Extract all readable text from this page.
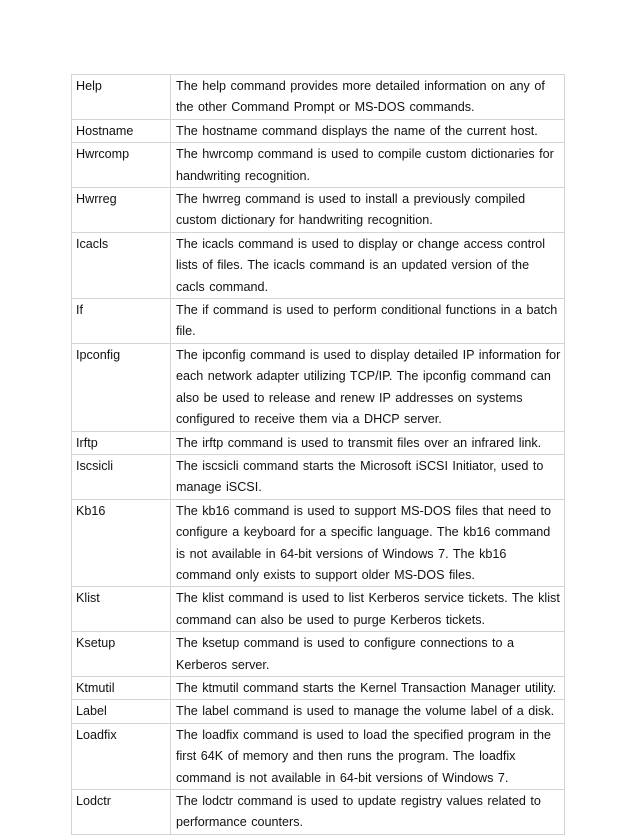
Help	The help command provides more detailed information on any of the other Command Prompt or MS-DOS commands.
Hostname	The hostname command displays the name of the current host.
Hwrcomp	The hwrcomp command is used to compile custom dictionaries for handwriting recognition.
Hwrreg	The hwrreg command is used to install a previously compiled custom dictionary for handwriting recognition.
Icacls	The icacls command is used to display or change access control lists of files. The icacls command is an updated version of the cacls command.
If	The if command is used to perform conditional functions in a batch file.
Ipconfig	The ipconfig command is used to display detailed IP information for each network adapter utilizing TCP/IP. The ipconfig command can also be used to release and renew IP addresses on systems configured to receive them via a DHCP server.
Irftp	The irftp command is used to transmit files over an infrared link.
Iscsicli	The iscsicli command starts the Microsoft iSCSI Initiator, used to manage iSCSI.
Kb16	The kb16 command is used to support MS-DOS files that need to configure a keyboard for a specific language. The kb16 command is not available in 64-bit versions of Windows 7. The kb16 command only exists to support older MS-DOS files.
Klist	The klist command is used to list Kerberos service tickets. The klist command can also be used to purge Kerberos tickets.
Ksetup	The ksetup command is used to configure connections to a Kerberos server.
Ktmutil	The ktmutil command starts the Kernel Transaction Manager utility.
Label	The label command is used to manage the volume label of a disk.
Loadfix	The loadfix command is used to load the specified program in the first 64K of memory and then runs the program. The loadfix command is not available in 64-bit versions of Windows 7.
Lodctr	The lodctr command is used to update registry values related to performance counters.
